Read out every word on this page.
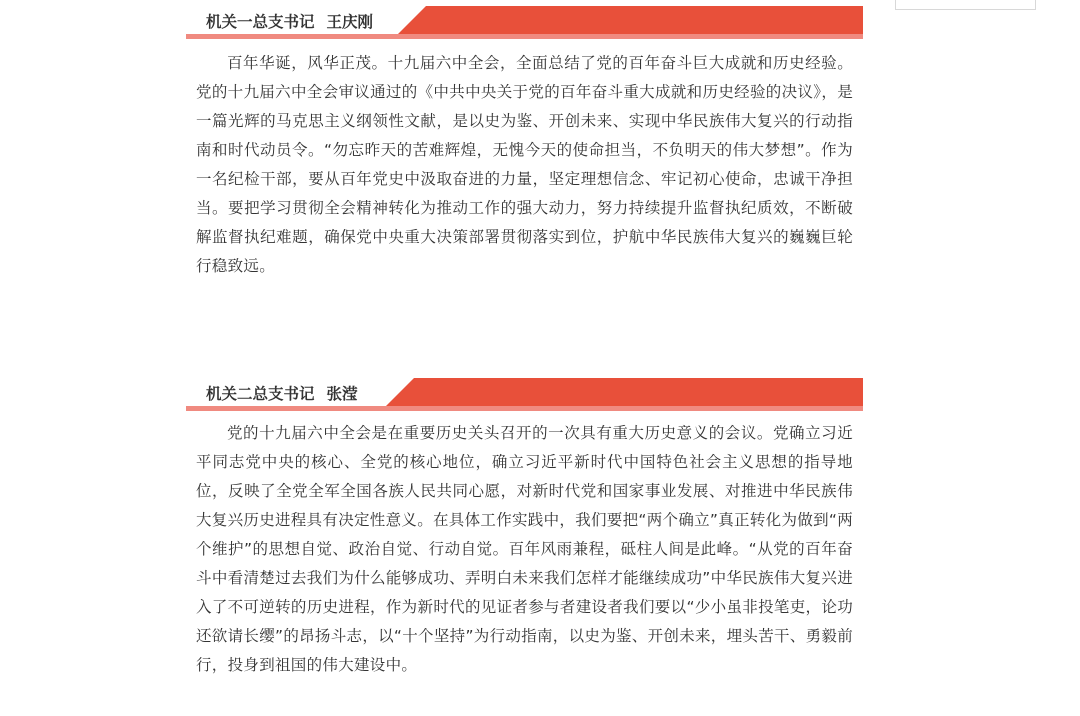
机关一总支书记 王庆刚

百年华诞，风华正茂。十九届六中全会，全面总结了党的百年奋斗巨大成就和历史经验。党的十九届六中全会审议通过的《中共中央关于党的百年奋斗重大成就和历史经验的决议》，是一篇光辉的马克思主义纲领性文献，是以史为鉴、开创未来、实现中华民族伟大复兴的行动指南和时代动员令。“勿忘昨天的苦难辉煌，无愧今天的使命担当，不负明天的伟大梦想”。作为一名纪检干部，要从百年党史中汲取奋进的力量，坚定理想信念、牢记初心使命，忠诚干净担当。要把学习贯彻全会精神转化为推动工作的强大动力，努力持续提升监督执纪质效，不断破解监督执纪难题，确保党中央重大决策部署贯彻落实到位，护航中华民族伟大复兴的巍巍巨轮行稳致远。

机关二总支书记 张滢

党的十九届六中全会是在重要历史关头召开的一次具有重大历史意义的会议。党确立习近平同志党中央的核心、全党的核心地位，确立习近平新时代中国特色社会主义思想的指导地位，反映了全党全军全国各族人民共同心愿，对新时代党和国家事业发展、对推进中华民族伟大复兴历史进程具有决定性意义。在具体工作实践中，我们要把“两个确立”真正转化为做到“两个维护”的思想自觉、政治自觉、行动自觉。百年风雨兼程，砥柱人间是此峰。“从党的百年奋斗中看清楚过去我们为什么能够成功、弄明白未来我们怎样才能继续成功”中华民族伟大复兴进入了不可逆转的历史进程，作为新时代的见证者参与者建设者我们要以“少小虽非投笔吏，论功还欲请长缨”的昂扬斗志，以“十个坚持”为行动指南，以史为鉴、开创未来，埋头苦干、勇毅前行，投身到祖国的伟大建设中。
